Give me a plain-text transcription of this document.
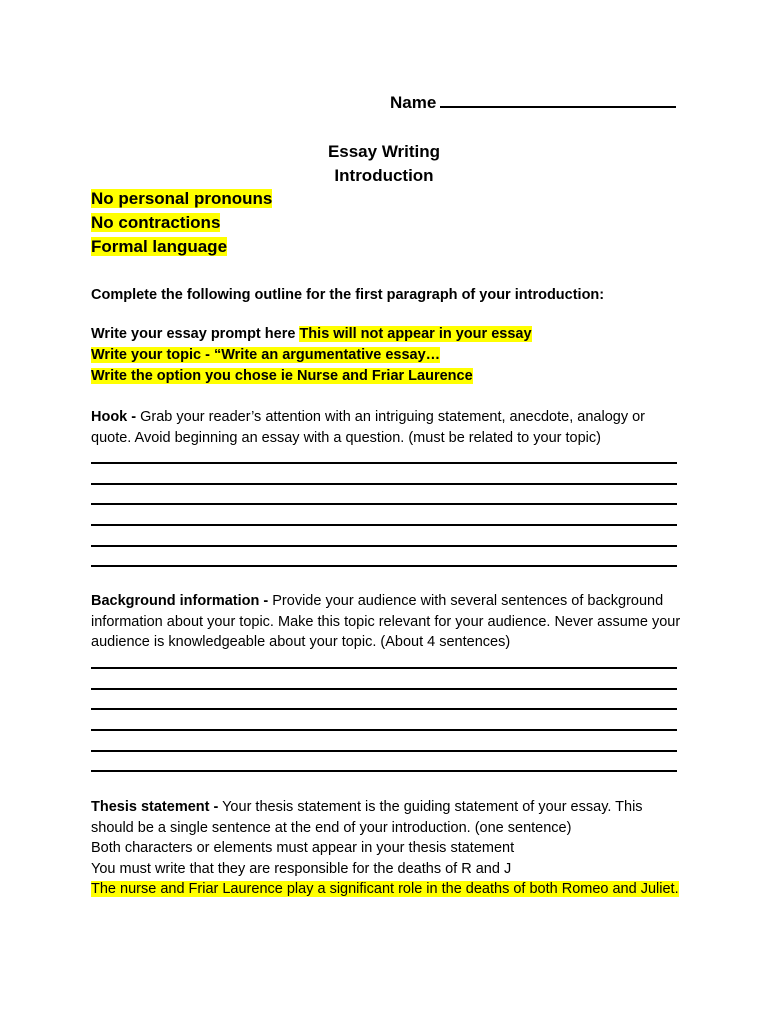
Name
Essay Writing
Introduction
No personal pronouns
No contractions
Formal language
Complete the following outline for the first paragraph of your introduction:
Write your essay prompt here This will not appear in your essay
Write your topic - “Write an argumentative essay…
Write the option you chose ie Nurse and Friar Laurence
Hook - Grab your reader’s attention with an intriguing statement, anecdote, analogy or quote. Avoid beginning an essay with a question. (must be related to your topic)
Background information - Provide your audience with several sentences of background information about your topic. Make this topic relevant for your audience. Never assume your audience is knowledgeable about your topic. (About 4 sentences)
Thesis statement - Your thesis statement is the guiding statement of your essay. This should be a single sentence at the end of your introduction. (one sentence)
Both characters or elements must appear in your thesis statement
You must write that they are responsible for the deaths of R and J
The nurse and Friar Laurence play a significant role in the deaths of both Romeo and Juliet.
